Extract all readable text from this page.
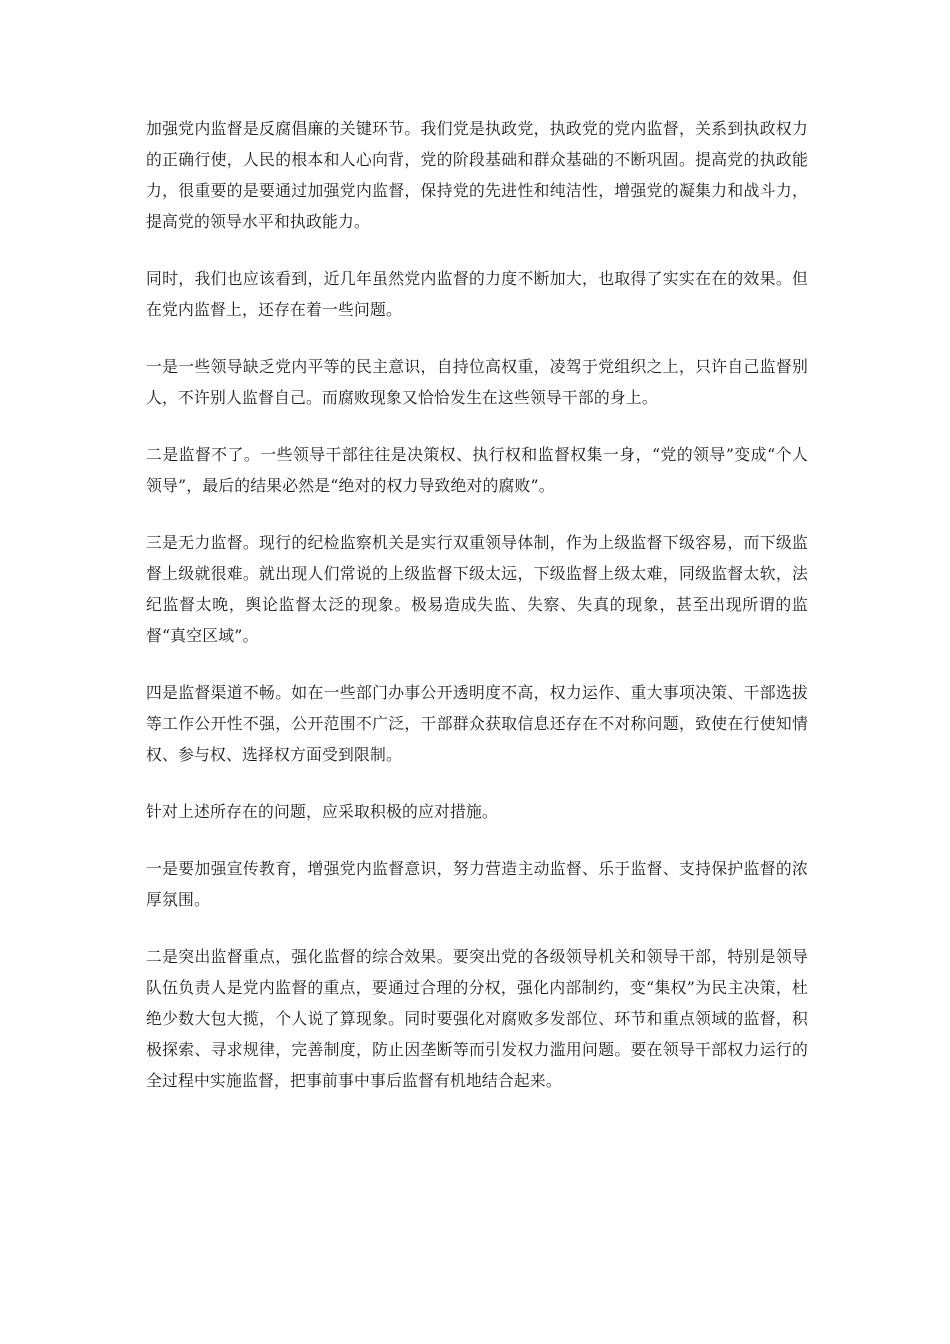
加强党内监督是反腐倡廉的关键环节。我们党是执政党，执政党的党内监督，关系到执政权力的正确行使，人民的根本和人心向背，党的阶段基础和群众基础的不断巩固。提高党的执政能力，很重要的是要通过加强党内监督，保持党的先进性和纯洁性，增强党的凝集力和战斗力，提高党的领导水平和执政能力。

同时，我们也应该看到，近几年虽然党内监督的力度不断加大，也取得了实实在在的效果。但在党内监督上，还存在着一些问题。

一是一些领导缺乏党内平等的民主意识，自持位高权重，凌驾于党组织之上，只许自己监督别人，不许别人监督自己。而腐败现象又恰恰发生在这些领导干部的身上。

二是监督不了。一些领导干部往往是决策权、执行权和监督权集一身，“党的领导”变成“个人领导”，最后的结果必然是“绝对的权力导致绝对的腐败”。

三是无力监督。现行的纪检监察机关是实行双重领导体制，作为上级监督下级容易，而下级监督上级就很难。就出现人们常说的上级监督下级太远，下级监督上级太难，同级监督太软，法纪监督太晚，舆论监督太泛的现象。极易造成失监、失察、失真的现象，甚至出现所谓的监督“真空区域”。

四是监督渠道不畅。如在一些部门办事公开透明度不高，权力运作、重大事项决策、干部选拔等工作公开性不强，公开范围不广泛，干部群众获取信息还存在不对称问题，致使在行使知情权、参与权、选择权方面受到限制。

针对上述所存在的问题，应采取积极的应对措施。

一是要加强宣传教育，增强党内监督意识，努力营造主动监督、乐于监督、支持保护监督的浓厚氛围。

二是突出监督重点，强化监督的综合效果。要突出党的各级领导机关和领导干部，特别是领导队伍负责人是党内监督的重点，要通过合理的分权，强化内部制约，变“集权”为民主决策，杜绝少数大包大揽，个人说了算现象。同时要强化对腐败多发部位、环节和重点领域的监督，积极探索、寻求规律，完善制度，防止因垄断等而引发权力滥用问题。要在领导干部权力运行的全过程中实施监督，把事前事中事后监督有机地结合起来。
